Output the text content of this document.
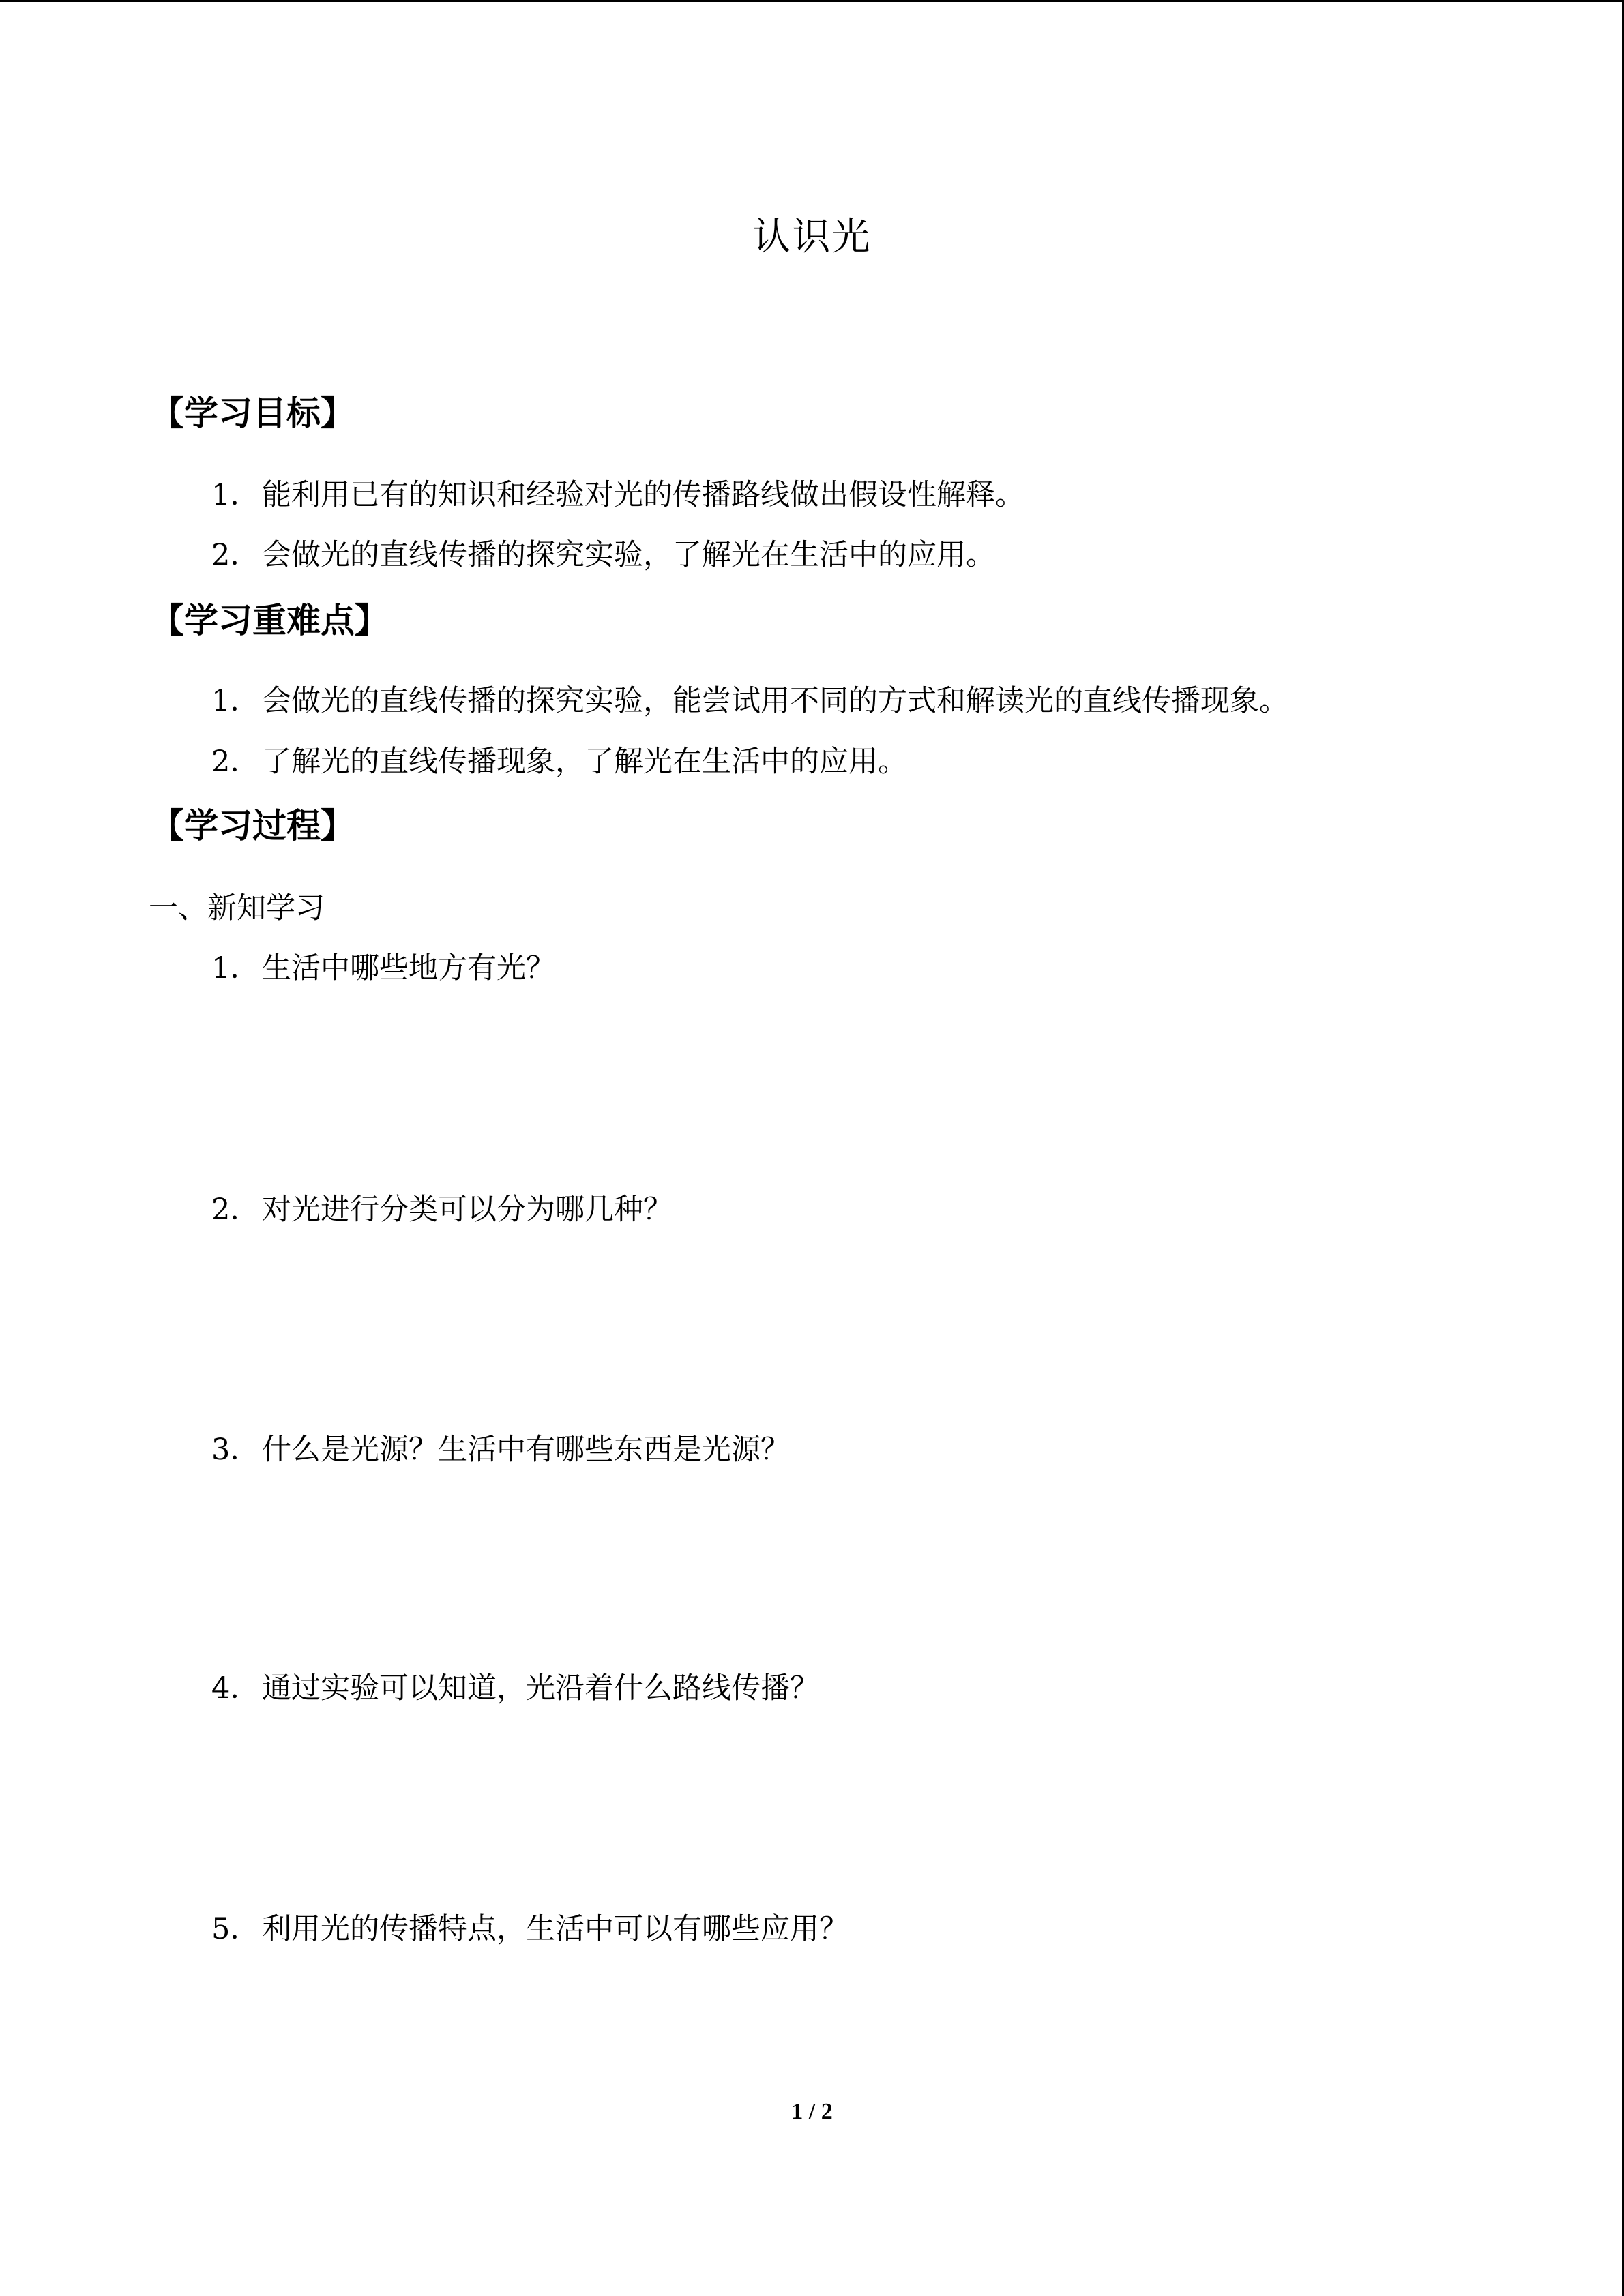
认识光
【学习目标】
1．能利用已有的知识和经验对光的传播路线做出假设性解释。
2．会做光的直线传播的探究实验，了解光在生活中的应用。
【学习重难点】
1．会做光的直线传播的探究实验，能尝试用不同的方式和解读光的直线传播现象。
2．了解光的直线传播现象，了解光在生活中的应用。
【学习过程】
一、新知学习
1．生活中哪些地方有光？
2．对光进行分类可以分为哪几种？
3．什么是光源？生活中有哪些东西是光源？
4．通过实验可以知道，光沿着什么路线传播？
5．利用光的传播特点，生活中可以有哪些应用？
1 / 2
